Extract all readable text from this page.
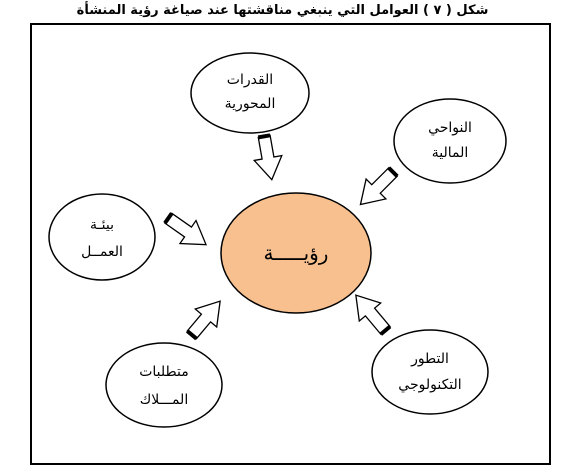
شكل ( ٧ ) العوامل التي ينبغي مناقشتها عند صياغة رؤية المنشأة
رؤيـــــة
القدرات
المحورية
النواحي
المالية
بيئـة
العمــل
متطلبات
المـــلاك
التطور
التكنولوجي
